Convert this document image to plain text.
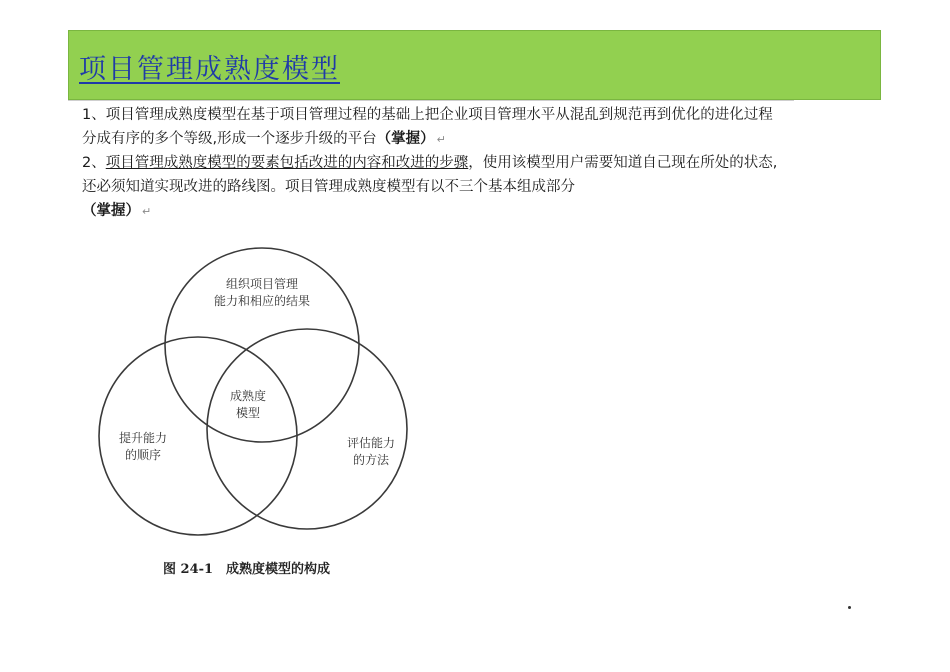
项目管理成熟度模型
1、项目管理成熟度模型在基于项目管理过程的基础上把企业项目管理水平从混乱到规范再到优化的进化过程分成有序的多个等级,形成一个逐步升级的平台（掌握） ↵
2、项目管理成熟度模型的要素包括改进的内容和改进的步骤，使用该模型用户需要知道自己现在所处的状态,还必须知道实现改进的路线图。项目管理成熟度模型有以不三个基本组成部分
（掌握） ↵
组织项目管理
能力和相应的结果
成熟度
模型
提升能力
的顺序
评估能力
的方法
图 24-1　成熟度模型的构成
